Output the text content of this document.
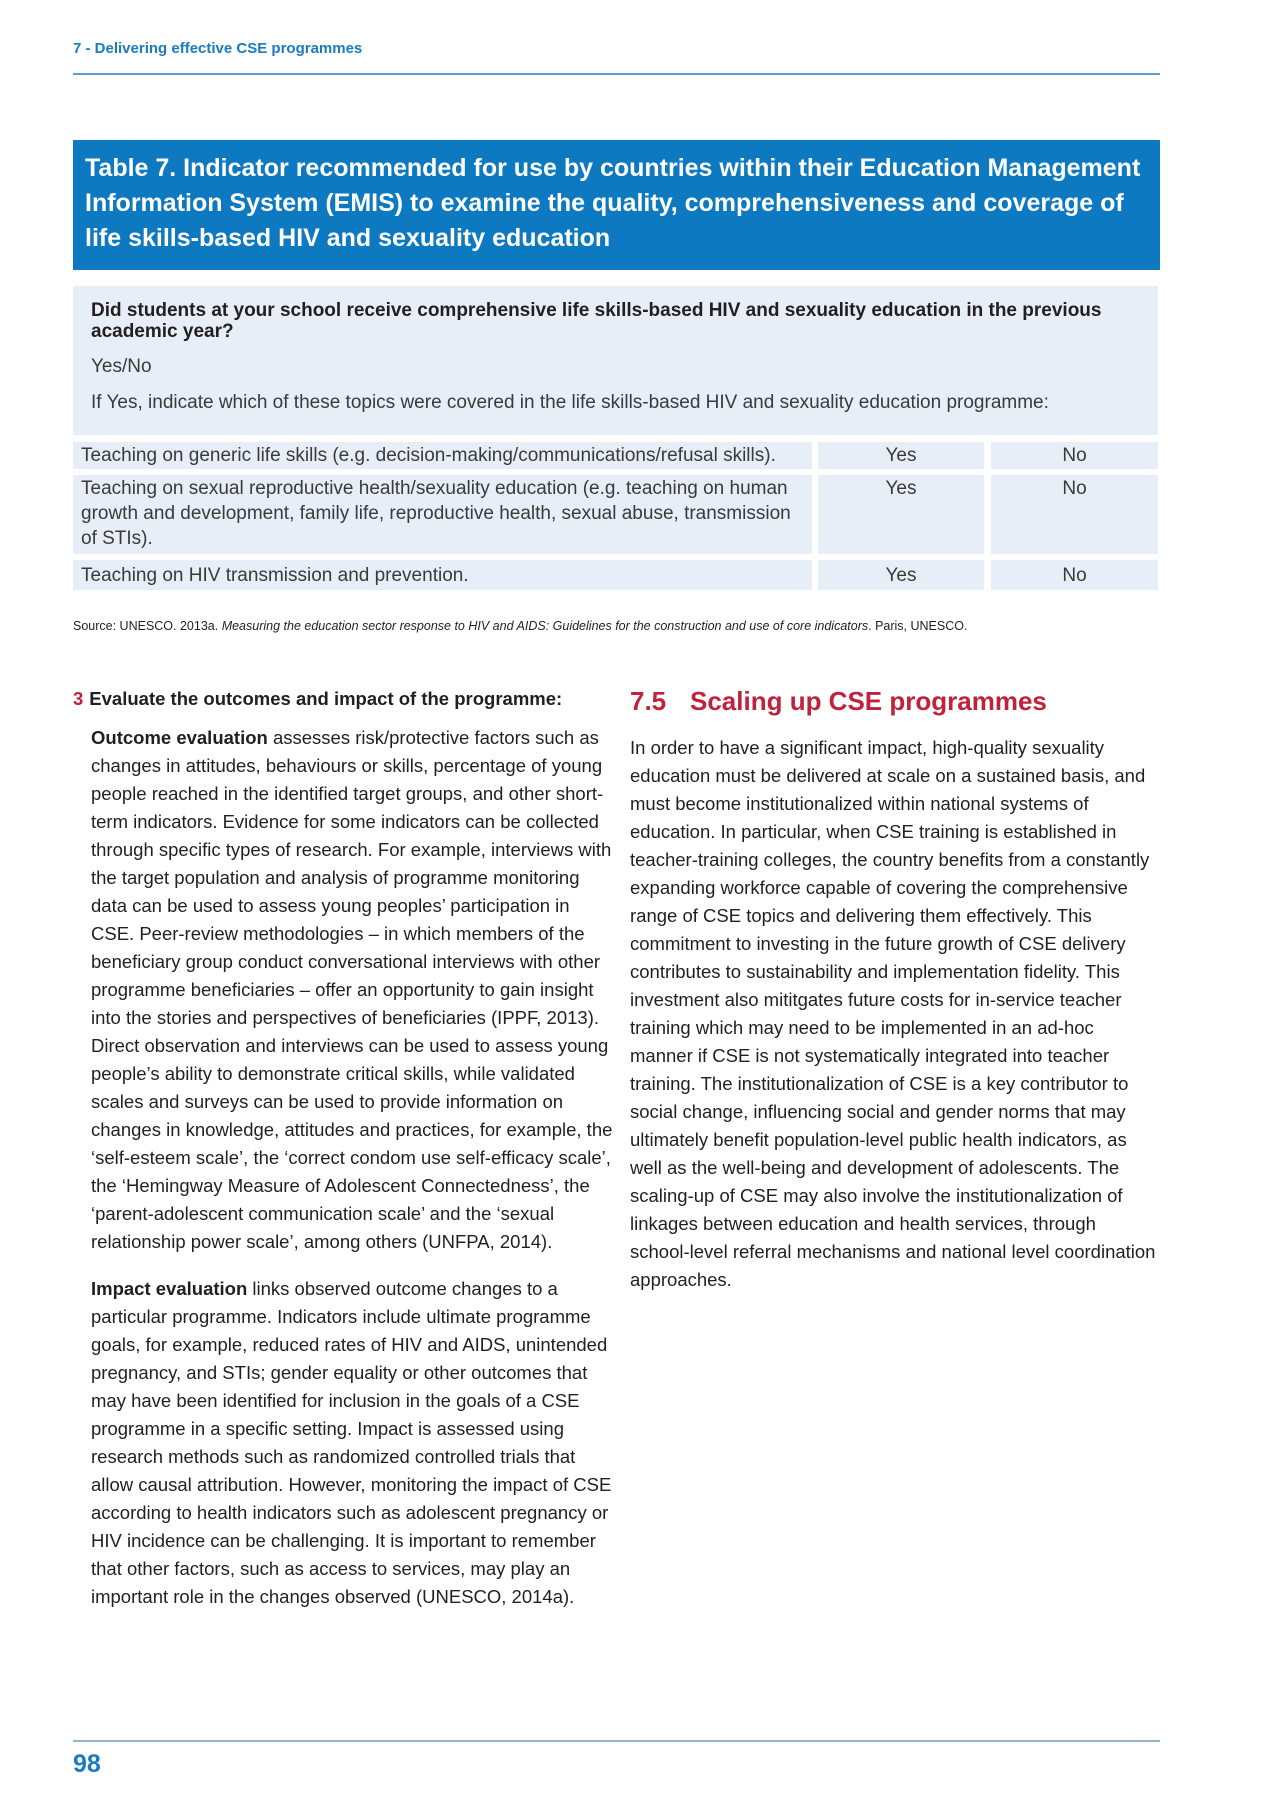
7 - Delivering effective CSE programmes
Table 7. Indicator recommended for use by countries within their Education Management Information System (EMIS) to examine the quality, comprehensiveness and coverage of life skills-based HIV and sexuality education
Did students at your school receive comprehensive life skills-based HIV and sexuality education in the previous academic year?
Yes/No
If Yes, indicate which of these topics were covered in the life skills-based HIV and sexuality education programme:
Teaching on generic life skills (e.g. decision-making/communications/refusal skills).	Yes	No
Teaching on sexual reproductive health/sexuality education (e.g. teaching on human growth and development, family life, reproductive health, sexual abuse, transmission of STIs).
Yes	No
Teaching on HIV transmission and prevention.	Yes	No
Source: UNESCO. 2013a. Measuring the education sector response to HIV and AIDS: Guidelines for the construction and use of core indicators. Paris, UNESCO.
3 Evaluate the outcomes and impact of the programme:

Outcome evaluation assesses risk/protective factors such as changes in attitudes, behaviours or skills, percentage of young people reached in the identified target groups, and other short-term indicators. Evidence for some indicators can be collected through specific types of research. For example, interviews with the target population and analysis of programme monitoring data can be used to assess young peoples’ participation in CSE. Peer-review methodologies – in which members of the beneficiary group conduct conversational interviews with other programme beneficiaries – offer an opportunity to gain insight into the stories and perspectives of beneficiaries (IPPF, 2013). Direct observation and interviews can be used to assess young people’s ability to demonstrate critical skills, while validated scales and surveys can be used to provide information on changes in knowledge, attitudes and practices, for example, the ‘self-esteem scale’, the ‘correct condom use self-efficacy scale’, the ‘Hemingway Measure of Adolescent Connectedness’, the ‘parent-adolescent communication scale’ and the ‘sexual relationship power scale’, among others (UNFPA, 2014).

Impact evaluation links observed outcome changes to a particular programme. Indicators include ultimate programme goals, for example, reduced rates of HIV and AIDS, unintended pregnancy, and STIs; gender equality or other outcomes that may have been identified for inclusion in the goals of a CSE programme in a specific setting. Impact is assessed using research methods such as randomized controlled trials that allow causal attribution. However, monitoring the impact of CSE according to health indicators such as adolescent pregnancy or HIV incidence can be challenging. It is important to remember that other factors, such as access to services, may play an important role in the changes observed (UNESCO, 2014a).

7.5 Scaling up CSE programmes

In order to have a significant impact, high-quality sexuality education must be delivered at scale on a sustained basis, and must become institutionalized within national systems of education. In particular, when CSE training is established in teacher-training colleges, the country benefits from a constantly expanding workforce capable of covering the comprehensive range of CSE topics and delivering them effectively. This commitment to investing in the future growth of CSE delivery contributes to sustainability and implementation fidelity. This investment also mititgates future costs for in-service teacher training which may need to be implemented in an ad-hoc manner if CSE is not systematically integrated into teacher training. The institutionalization of CSE is a key contributor to social change, influencing social and gender norms that may ultimately benefit population-level public health indicators, as well as the well-being and development of adolescents. The scaling-up of CSE may also involve the institutionalization of linkages between education and health services, through school-level referral mechanisms and national level coordination approaches.

98
